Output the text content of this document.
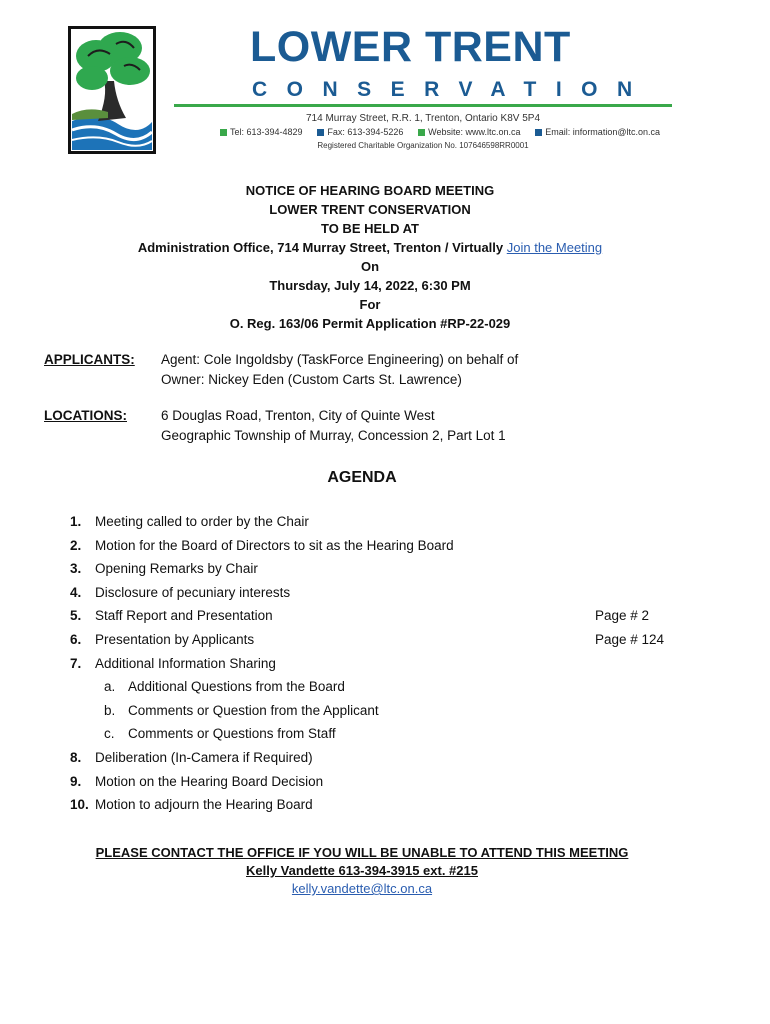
LOWER TRENT
CONSERVATION
714 Murray Street, R.R. 1, Trenton, Ontario K8V 5P4
Tel: 613-394-4829	Fax: 613-394-5226	Website: www.ltc.on.ca	Email: information@ltc.on.ca
Registered Charitable Organization No. 107646598RR0001
NOTICE OF HEARING BOARD MEETING
LOWER TRENT CONSERVATION
TO BE HELD AT
Administration Office, 714 Murray Street, Trenton / Virtually Join the Meeting
On
Thursday, July 14, 2022, 6:30 PM
For
O. Reg. 163/06 Permit Application #RP-22-029
APPLICANTS: Agent: Cole Ingoldsby (TaskForce Engineering) on behalf of
Owner: Nickey Eden (Custom Carts St. Lawrence)
LOCATIONS:	6 Douglas Road, Trenton, City of Quinte West
Geographic Township of Murray, Concession 2, Part Lot 1
AGENDA
1. Meeting called to order by the Chair
2. Motion for the Board of Directors to sit as the Hearing Board
3. Opening Remarks by Chair
4. Disclosure of pecuniary interests
5. Staff Report and Presentation	Page # 2
6. Presentation by Applicants	Page # 124
7. Additional Information Sharing
a. Additional Questions from the Board
b. Comments or Question from the Applicant
c. Comments or Questions from Staff
8. Deliberation (In-Camera if Required)
9. Motion on the Hearing Board Decision
10. Motion to adjourn the Hearing Board
PLEASE CONTACT THE OFFICE IF YOU WILL BE UNABLE TO ATTEND THIS MEETING
Kelly Vandette 613-394-3915 ext. #215
kelly.vandette@ltc.on.ca
